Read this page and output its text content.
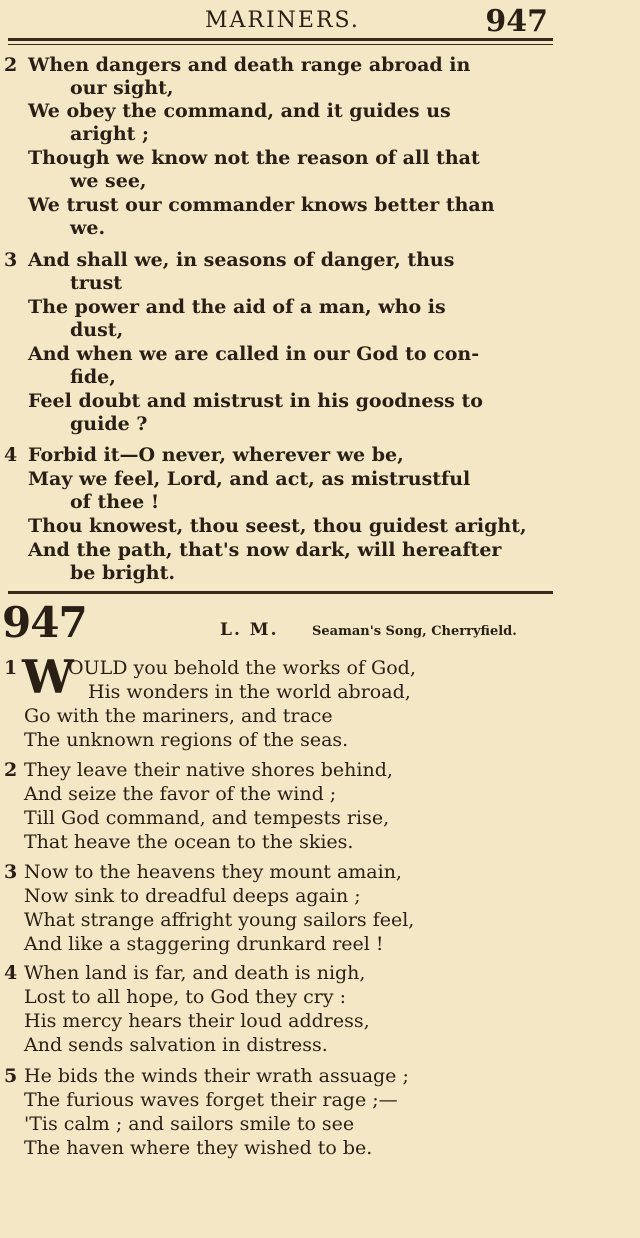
MARINERS.	947
2 When dangers and death range abroad in
our sight,
We obey the command, and it guides us
aright ;
Though we know not the reason of all that
we see,
We trust our commander knows better than
we.
3 And shall we, in seasons of danger, thus
trust
The power and the aid of a man, who is
dust,
And when we are called in our God to con-
fide,
Feel doubt and mistrust in his goodness to
guide ?
4 Forbid it—O never, wherever we be,
May we feel, Lord, and act, as mistrustful
of thee !
Thou knowest, thou seest, thou guidest aright,
And the path, that's now dark, will hereafter
be bright.
947	L. M.	Seaman's Song, Cherryfield.
1 W
OULD you behold the works of God,
His wonders in the world abroad,
Go with the mariners, and trace
The unknown regions of the seas.
2 They leave their native shores behind,
And seize the favor of the wind ;
Till God command, and tempests rise,
That heave the ocean to the skies.
3 Now to the heavens they mount amain,
Now sink to dreadful deeps again ;
What strange affright young sailors feel,
And like a staggering drunkard reel !
4 When land is far, and death is nigh,
Lost to all hope, to God they cry :
His mercy hears their loud address,
And sends salvation in distress.
5 He bids the winds their wrath assuage ;
The furious waves forget their rage ;—
'Tis calm ; and sailors smile to see
The haven where they wished to be.
